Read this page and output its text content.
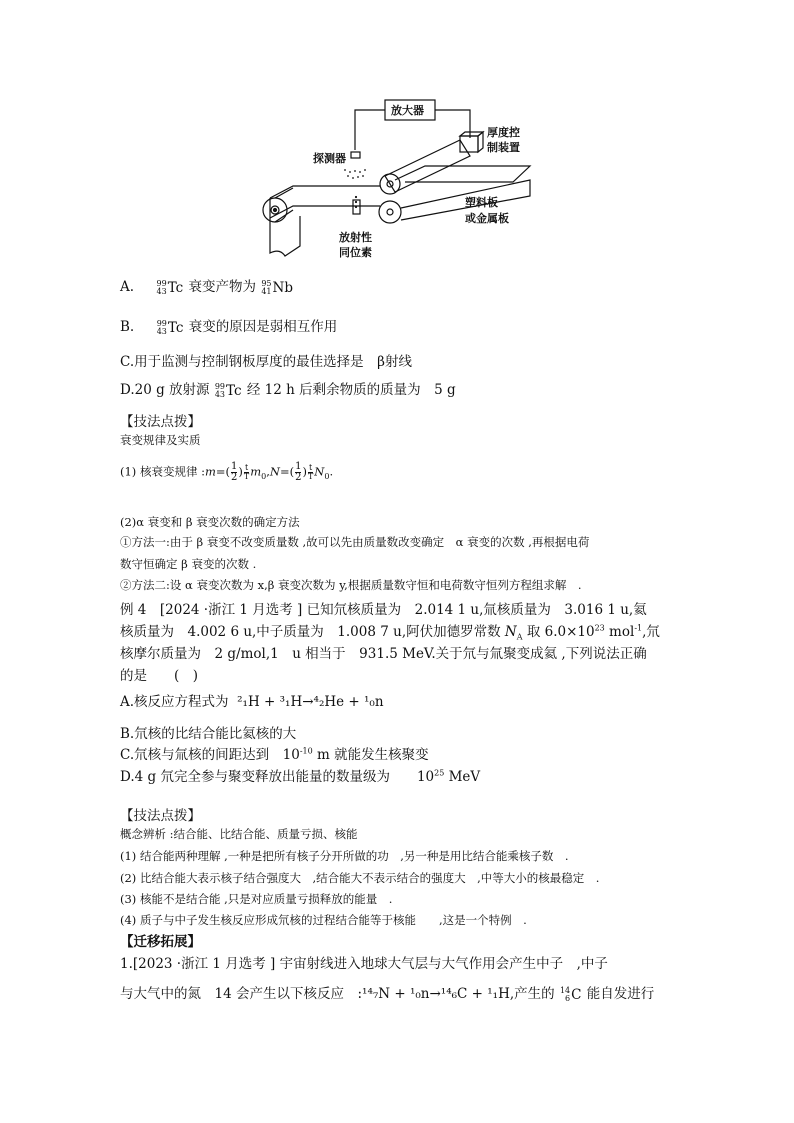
放大器
厚度控
制装置
探测器
塑料板
或金属板
放射性
同位素
A.	99
43 Tc 衰变产物为 95
41 Nb
B.	99
43 Tc 衰变的原因是弱相互作用
C.用于监测与控制钢板厚度的最佳选择是　β射线
D.20 g 放射源 99
43 Tc 经 12 h 后剩余物质的质量为　5 g
【技法点拨】
衰变规律及实质
(1) 核衰变规律 :m=( $\frac{1}{2}$ ) $\frac{t}{T} m_0,N=( \frac{1}{2}$ ) $\frac{t}{T} N_0$.
(2)α 衰变和 β 衰变次数的确定方法
①方法一:由于 β 衰变不改变质量数 ,故可以先由质量数改变确定　α 衰变的次数 ,再根据电荷
数守恒确定 β 衰变的次数 .
②方法二:设 α 衰变次数为 x,β 衰变次数为 y,根据质量数守恒和电荷数守恒列方程组求解　.
例 4　[2024 ·浙江 1 月选考 ] 已知氘核质量为　2.014 1 u,氚核质量为　3.016 1 u,氦
核质量为　4.002 6 u,中子质量为　1.008 7 u,阿伏加德罗常数 $N_A$ 取 $6.0\times 10^{23}$ mol$^{-1}$,氘
核摩尔质量为　2 g/mol,1　u 相当于　931.5 MeV.关于氘与氚聚变成氦 ,下列说法正确
的是　　(　)
A.核反应方程式为 ²₁H + ³₁H→⁴₂He + ¹₀n
B.氘核的比结合能比氦核的大
C.氘核与氚核的间距达到　$10^{-10}$ m 就能发生核聚变
D.4 g 氘完全参与聚变释放出能量的数量级为　　$10^{25}$ MeV
【技法点拨】
概念辨析 :结合能、比结合能、质量亏损、核能
(1) 结合能两种理解 ,一种是把所有核子分开所做的功　,另一种是用比结合能乘核子数　.
(2) 比结合能大表示核子结合强度大　,结合能大不表示结合的强度大　,中等大小的核最稳定　.
(3) 核能不是结合能 ,只是对应质量亏损释放的能量　.
(4) 质子与中子发生核反应形成氘核的过程结合能等于核能　　,这是一个特例　.
【迁移拓展】
1.[2023 ·浙江 1 月选考 ] 宇宙射线进入地球大气层与大气作用会产生中子　,中子
与大气中的氮　14 会产生以下核反应　:¹⁴₇N + ¹₀n→¹⁴₆C + ¹₁H,产生的 14
6 C 能自发进行
